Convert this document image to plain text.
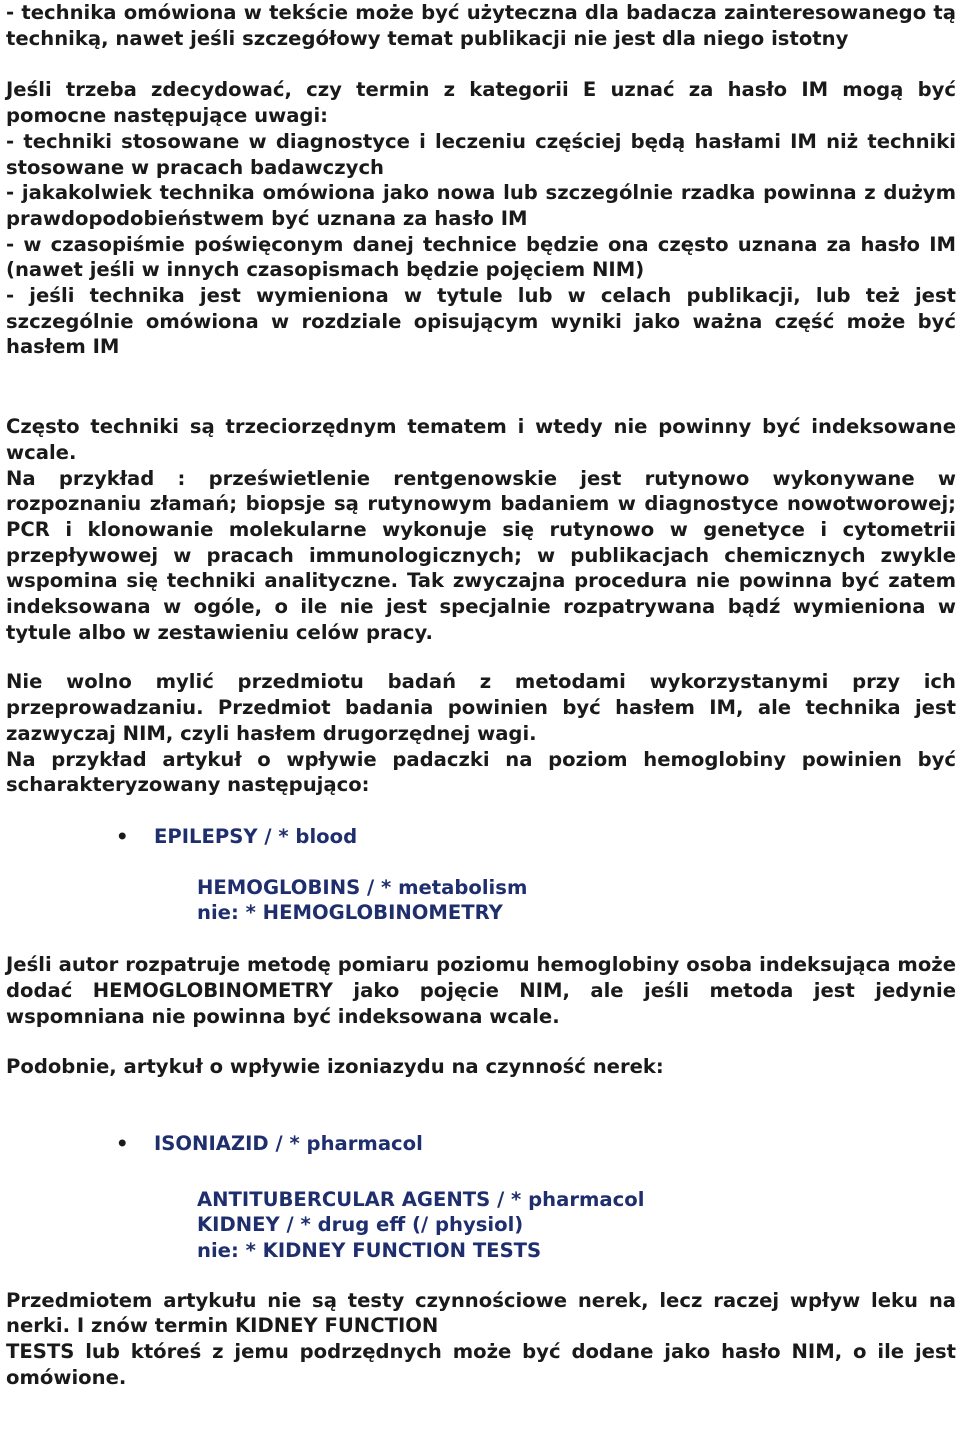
- technika omówiona w tekście może być użyteczna dla badacza zainteresowanego tą techniką, nawet jeśli szczegółowy temat publikacji nie jest dla niego istotny

Jeśli trzeba zdecydować, czy termin z kategorii E uznać za hasło IM mogą być pomocne następujące uwagi:

- techniki stosowane w diagnostyce i leczeniu częściej będą hasłami IM niż techniki stosowane w pracach badawczych

- jakakolwiek technika omówiona jako nowa lub szczególnie rzadka powinna z dużym prawdopodobieństwem być uznana za hasło IM

- w czasopiśmie poświęconym danej technice będzie ona często uznana za hasło IM (nawet jeśli w innych czasopismach będzie pojęciem NIM)

- jeśli technika jest wymieniona w tytule lub w celach publikacji, lub też jest szczególnie omówiona w rozdziale opisującym wyniki jako ważna część może być hasłem IM

Często techniki są trzeciorzędnym tematem i wtedy nie powinny być indeksowane wcale.

Na przykład : prześwietlenie rentgenowskie jest rutynowo wykonywane w rozpoznaniu złamań; biopsje są rutynowym badaniem w diagnostyce nowotworowej; PCR i klonowanie molekularne wykonuje się rutynowo w genetyce i cytometrii przepływowej w pracach immunologicznych; w publikacjach chemicznych zwykle wspomina się techniki analityczne. Tak zwyczajna procedura nie powinna być zatem indeksowana w ogóle, o ile nie jest specjalnie rozpatrywana bądź wymieniona w tytule albo w zestawieniu celów pracy.

Nie wolno mylić przedmiotu badań z metodami wykorzystanymi przy ich przeprowadzaniu. Przedmiot badania powinien być hasłem IM, ale technika jest zazwyczaj NIM, czyli hasłem drugorzędnej wagi.

Na przykład artykuł o wpływie padaczki na poziom hemoglobiny powinien być scharakteryzowany następująco:

• EPILEPSY / * blood
HEMOGLOBINS / * metabolism
nie: * HEMOGLOBINOMETRY

Jeśli autor rozpatruje metodę pomiaru poziomu hemoglobiny osoba indeksująca może dodać HEMOGLOBINOMETRY jako pojęcie NIM, ale jeśli metoda jest jedynie wspomniana nie powinna być indeksowana wcale.

Podobnie, artykuł o wpływie izoniazydu na czynność nerek:

• ISONIAZID / * pharmacol
ANTITUBERCULAR AGENTS / * pharmacol
KIDNEY / * drug eff (/ physiol)
nie: * KIDNEY FUNCTION TESTS

Przedmiotem artykułu nie są testy czynnościowe nerek, lecz raczej wpływ leku na nerki. I znów termin KIDNEY FUNCTION

TESTS lub któreś z jemu podrzędnych może być dodane jako hasło NIM, o ile jest omówione.
